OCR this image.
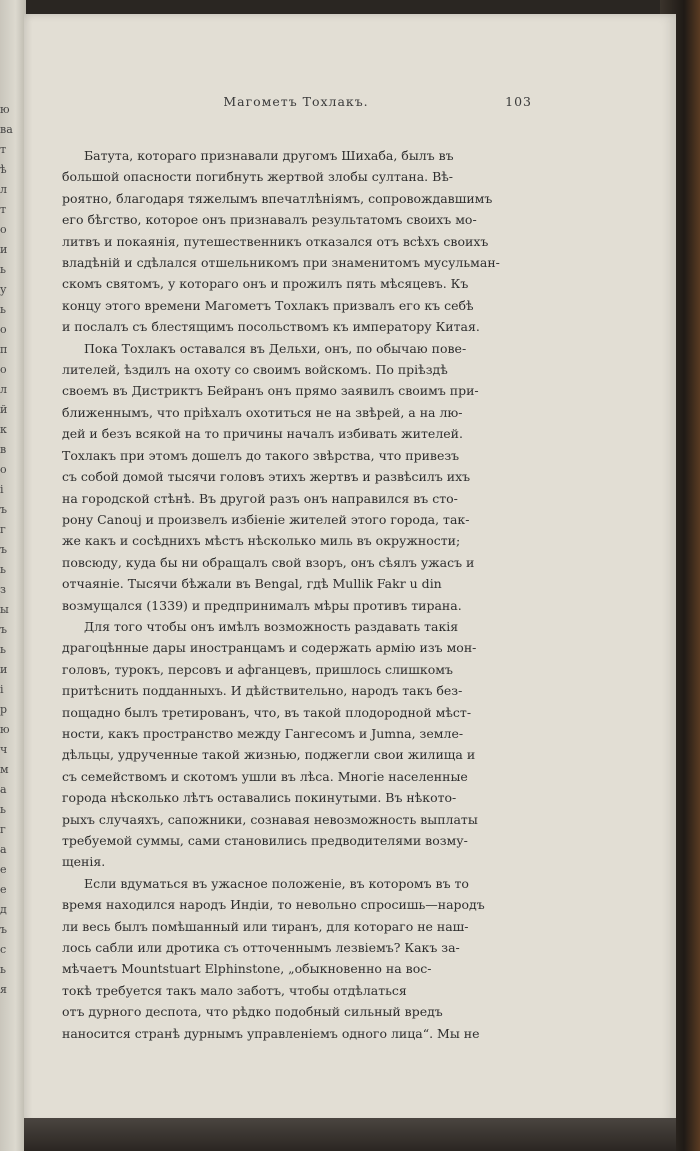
ю
ва
т
ѣ
л
т
о
и
ь
у
ь
о
п
о
л
й
к
в
о
і
ъ
г
ъ
ь
з
ы
ъ
ь
и
і
р
ю
ч
м
а
ь
г
а
е
е
д
ъ
с
ь
я
Магометъ Тохлакъ.	103
Батута, котораго признавали другомъ Шихаба, былъ въ
большой опасности погибнуть жертвой злобы султана. Вѣ-
роятно, благодаря тяжелымъ впечатлѣніямъ, сопровождавшимъ
его бѣгство, которое онъ признавалъ результатомъ своихъ мо-
литвъ и покаянія, путешественникъ отказался отъ всѣхъ своихъ
владѣній и сдѣлался отшельникомъ при знаменитомъ мусульман-
скомъ святомъ, у котораго онъ и прожилъ пять мѣсяцевъ. Къ
концу этого времени Магометъ Тохлакъ призвалъ его къ себѣ
и послалъ съ блестящимъ посольствомъ къ императору Китая.
Пока Тохлакъ оставался въ Дельхи, онъ, по обычаю пове-
лителей, ѣздилъ на охоту со своимъ войскомъ. По пріѣздѣ
своемъ въ Дистриктъ Бейранъ онъ прямо заявилъ своимъ при-
ближеннымъ, что пріѣхалъ охотиться не на звѣрей, а на лю-
дей и безъ всякой на то причины началъ избивать жителей.
Тохлакъ при этомъ дошелъ до такого звѣрства, что привезъ
съ собой домой тысячи головъ этихъ жертвъ и развѣсилъ ихъ
на городской стѣнѣ. Въ другой разъ онъ направился въ сто-
рону Canouj и произвелъ избіеніе жителей этого города, так-
же какъ и сосѣднихъ мѣстъ нѣсколько миль въ окружности;
повсюду, куда бы ни обращалъ свой взоръ, онъ сѣялъ ужасъ и
отчаяніе. Тысячи бѣжали въ Bengal, гдѣ Mullik Fakr u din
возмущался (1339) и предпринималъ мѣры противъ тирана.
Для того чтобы онъ имѣлъ возможность раздавать такія
драгоцѣнные дары иностранцамъ и содержать армію изъ мон-
головъ, турокъ, персовъ и афганцевъ, пришлось слишкомъ
притѣснить подданныхъ. И дѣйствительно, народъ такъ без-
пощадно былъ третированъ, что, въ такой плодородной мѣст-
ности, какъ пространство между Гангесомъ и Jumna, земле-
дѣльцы, удрученные такой жизнью, поджегли свои жилища и
съ семействомъ и скотомъ ушли въ лѣса. Многіе населенные
города нѣсколько лѣтъ оставались покинутыми. Въ нѣкото-
рыхъ случаяхъ, сапожники, сознавая невозможность выплаты
требуемой суммы, сами становились предводителями возму-
щенія.
Если вдуматься въ ужасное положеніе, въ которомъ въ то
время находился народъ Индіи, то невольно спросишь—народъ
ли весь былъ помѣшанный или тиранъ, для котораго не наш-
лось сабли или дротика съ отточеннымъ лезвіемъ? Какъ за-
мѣчаетъ Mountstuart Elphinstone, „обыкновенно на вос-
токѣ требуется такъ мало заботъ, чтобы отдѣлаться
отъ дурного деспота, что рѣдко подобный сильный вредъ
наносится странѣ дурнымъ управленіемъ одного лица“. Мы не
